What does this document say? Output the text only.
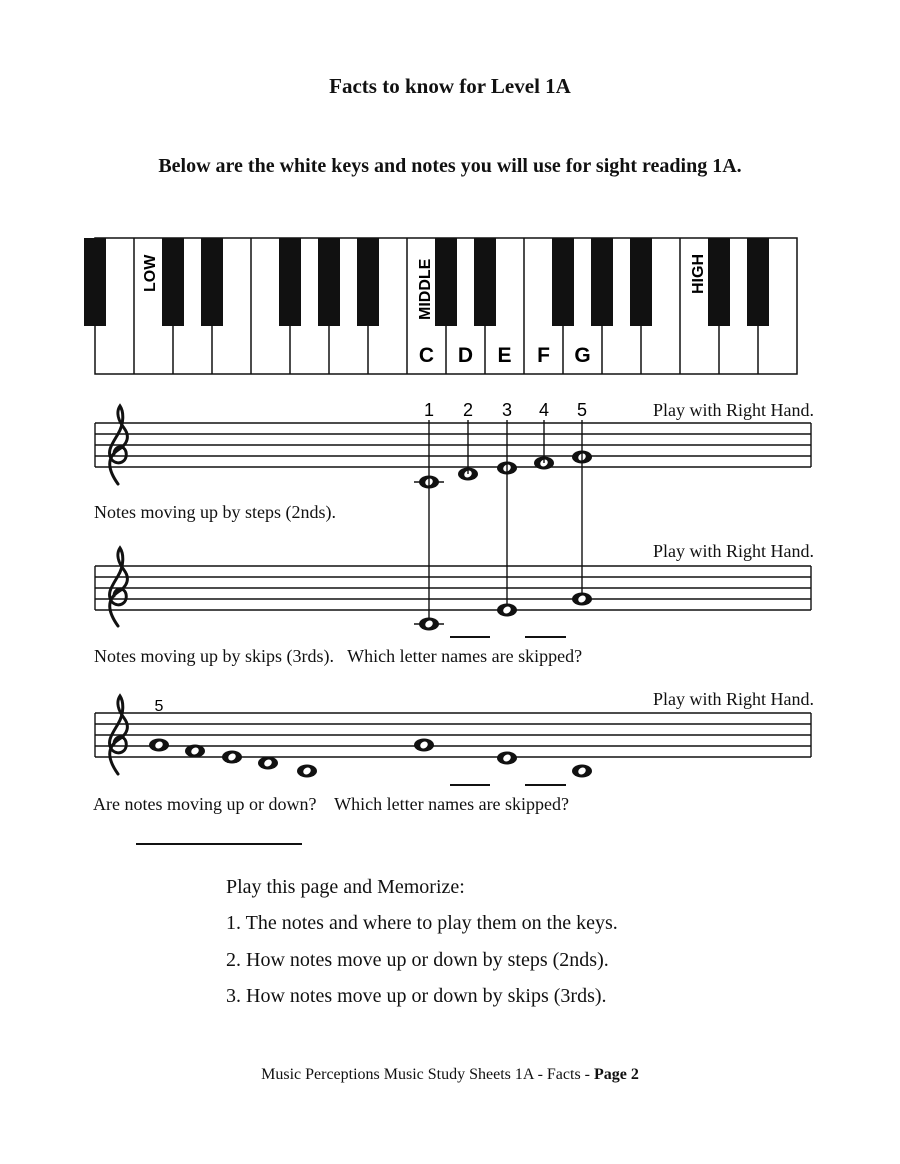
Facts to know for Level 1A
Below are the white keys and notes you will use for sight reading 1A.
LOW	MIDDLE	HIGH
C D E F G
1 2 3 4 5
5
Play with Right Hand.
Play with Right Hand.
Play with Right Hand.
Notes moving up by steps (2nds).
Notes moving up by skips (3rds).   Which letter names are skipped?
Are notes moving up or down?    Which letter names are skipped?
Play this page and Memorize:
1. The notes and where to play them on the keys.
2. How notes move up or down by steps (2nds).
3. How notes move up or down by skips (3rds).
Music Perceptions Music Study Sheets 1A - Facts - Page 2
